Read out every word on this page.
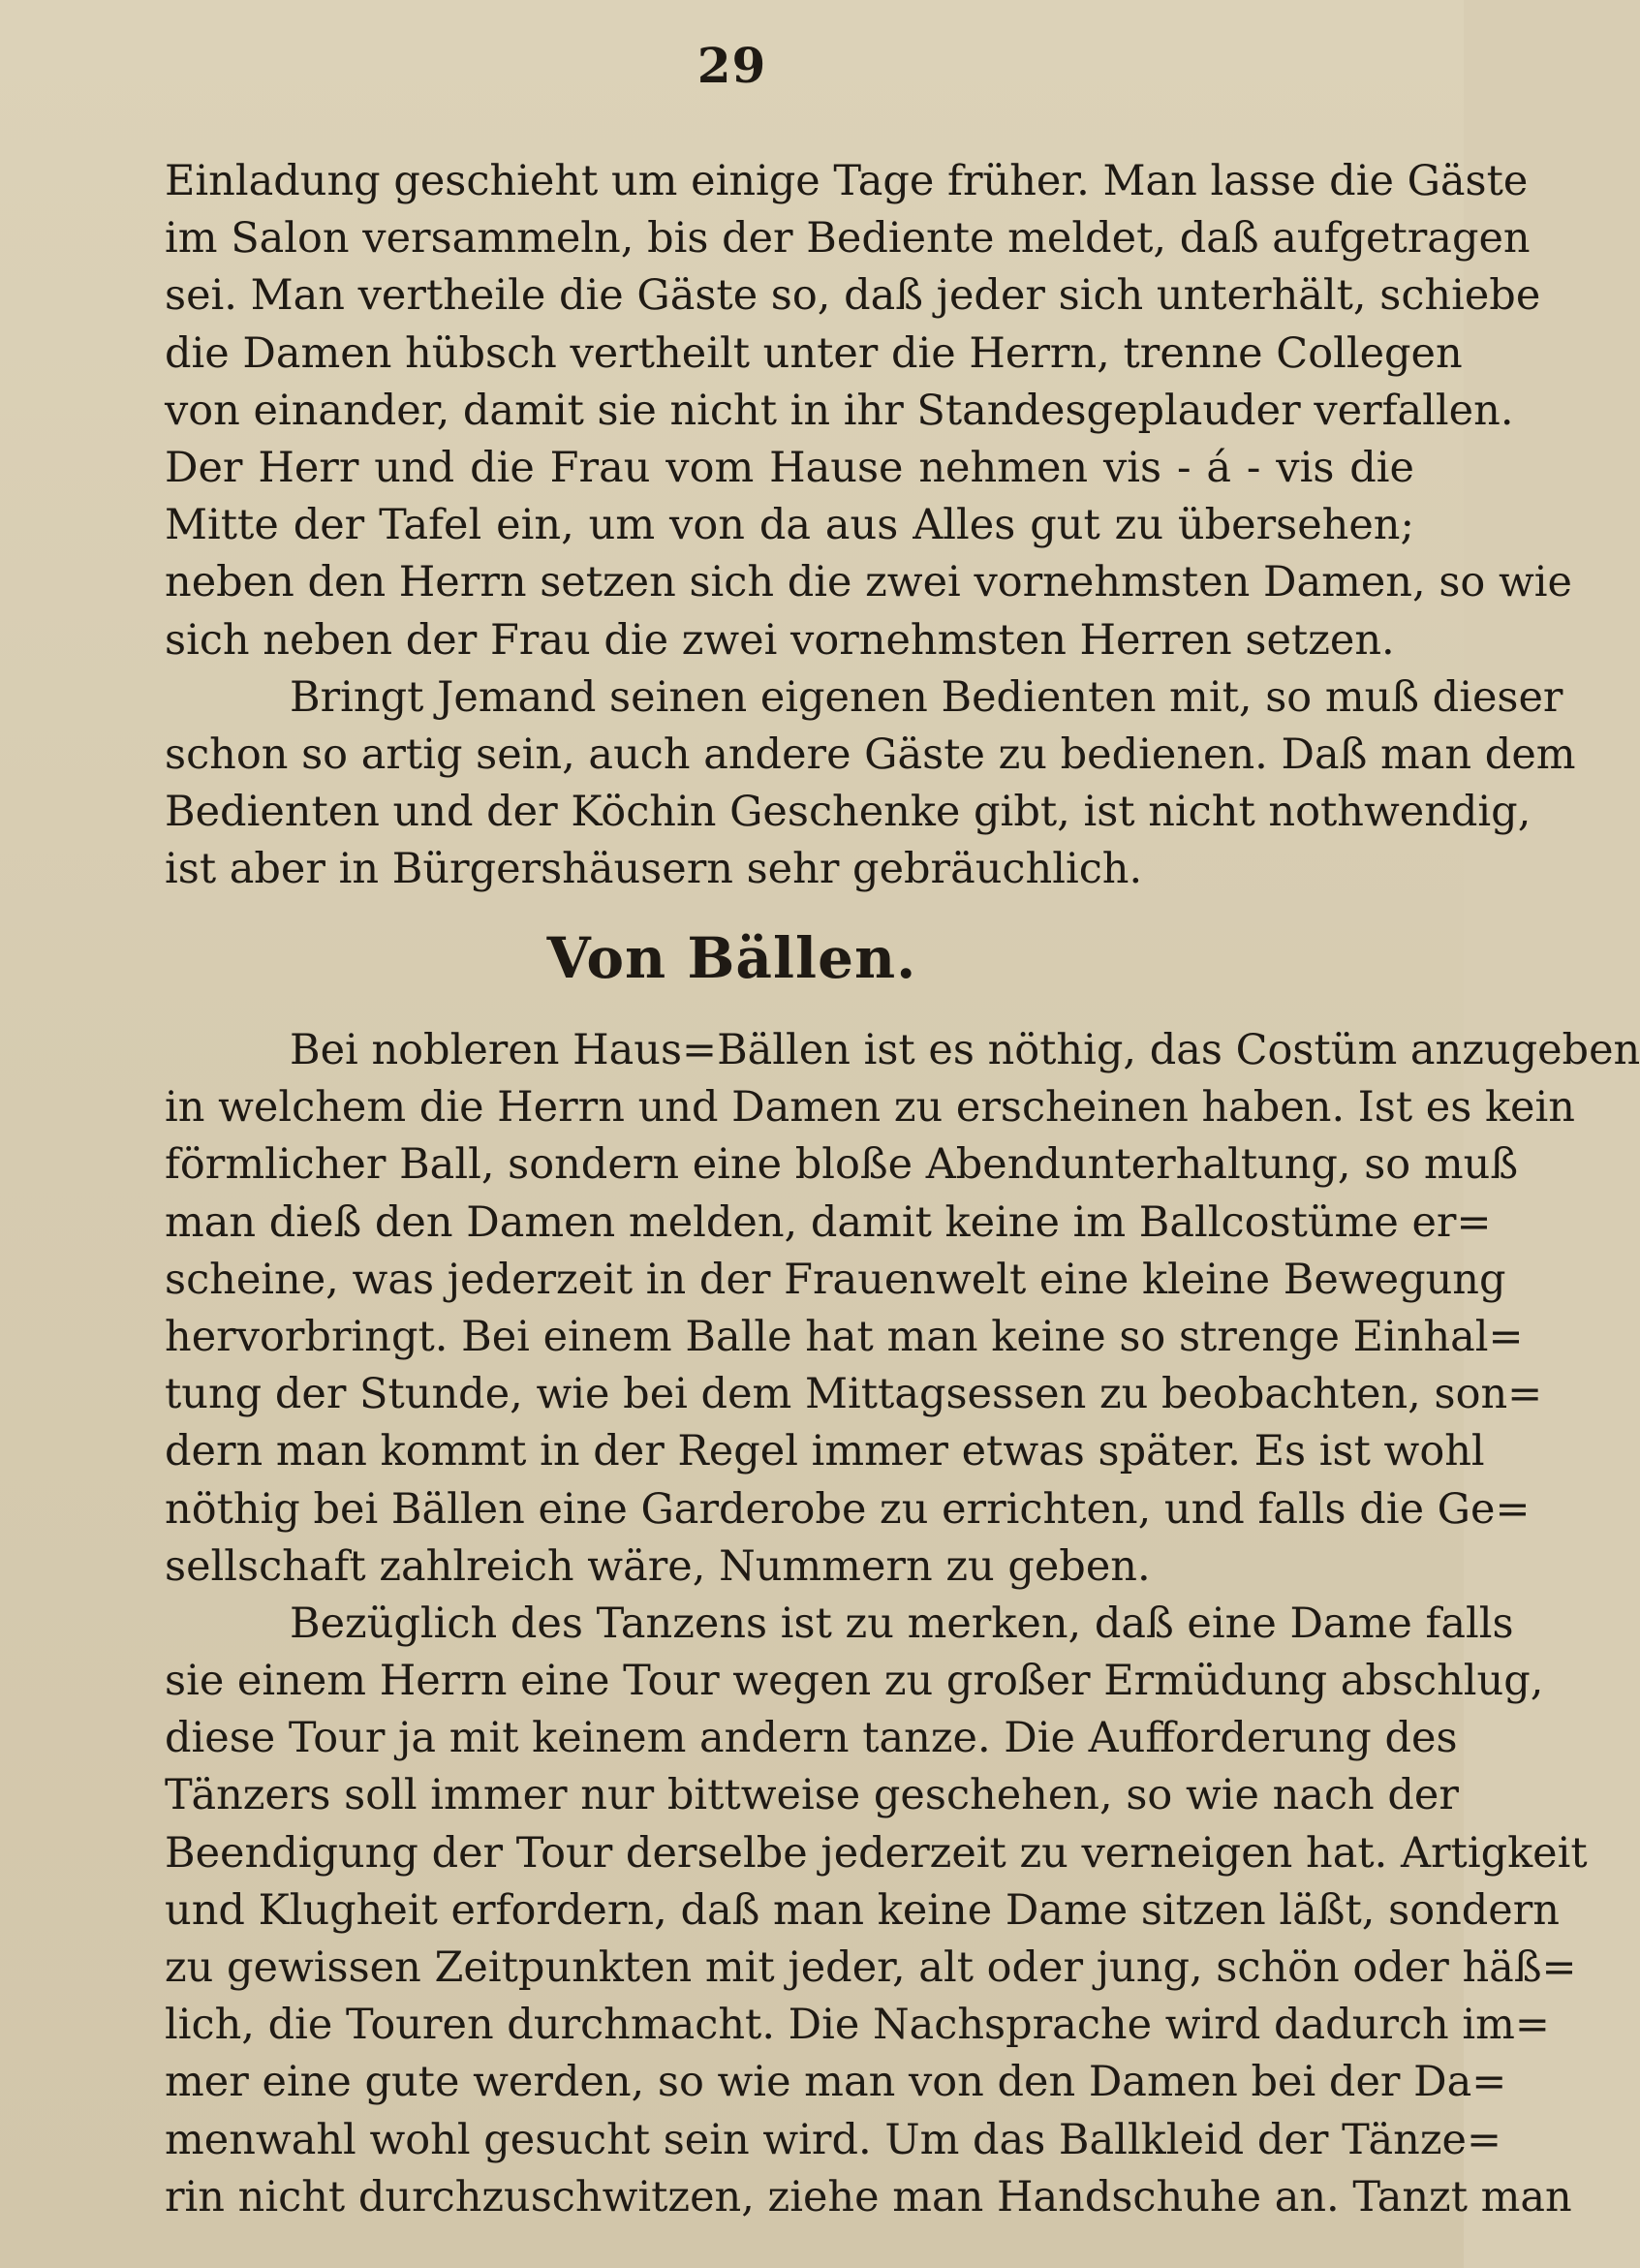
29
Einladung geschieht um einige Tage früher. Man lasse die Gäste
im Salon versammeln, bis der Bediente meldet, daß aufgetragen
sei. Man vertheile die Gäste so, daß jeder sich unterhält, schiebe
die Damen hübsch vertheilt unter die Herrn, trenne Collegen
von einander, damit sie nicht in ihr Standesgeplauder verfallen.
Der Herr und die Frau vom Hause nehmen vis - á - vis die
Mitte der Tafel ein, um von da aus Alles gut zu übersehen;
neben den Herrn setzen sich die zwei vornehmsten Damen, so wie
sich neben der Frau die zwei vornehmsten Herren setzen.
Bringt Jemand seinen eigenen Bedienten mit, so muß dieser
schon so artig sein, auch andere Gäste zu bedienen. Daß man dem
Bedienten und der Köchin Geschenke gibt, ist nicht nothwendig,
ist aber in Bürgershäusern sehr gebräuchlich.
Von Bällen.
Bei nobleren Haus=Bällen ist es nöthig, das Costüm anzugeben
in welchem die Herrn und Damen zu erscheinen haben. Ist es kein
förmlicher Ball, sondern eine bloße Abendunterhaltung, so muß
man dieß den Damen melden, damit keine im Ballcostüme er=
scheine, was jederzeit in der Frauenwelt eine kleine Bewegung
hervorbringt. Bei einem Balle hat man keine so strenge Einhal=
tung der Stunde, wie bei dem Mittagsessen zu beobachten, son=
dern man kommt in der Regel immer etwas später. Es ist wohl
nöthig bei Bällen eine Garderobe zu errichten, und falls die Ge=
sellschaft zahlreich wäre, Nummern zu geben.
Bezüglich des Tanzens ist zu merken, daß eine Dame falls
sie einem Herrn eine Tour wegen zu großer Ermüdung abschlug,
diese Tour ja mit keinem andern tanze. Die Aufforderung des
Tänzers soll immer nur bittweise geschehen, so wie nach der
Beendigung der Tour derselbe jederzeit zu verneigen hat. Artigkeit
und Klugheit erfordern, daß man keine Dame sitzen läßt, sondern
zu gewissen Zeitpunkten mit jeder, alt oder jung, schön oder häß=
lich, die Touren durchmacht. Die Nachsprache wird dadurch im=
mer eine gute werden, so wie man von den Damen bei der Da=
menwahl wohl gesucht sein wird. Um das Ballkleid der Tänze=
rin nicht durchzuschwitzen, ziehe man Handschuhe an. Tanzt man
